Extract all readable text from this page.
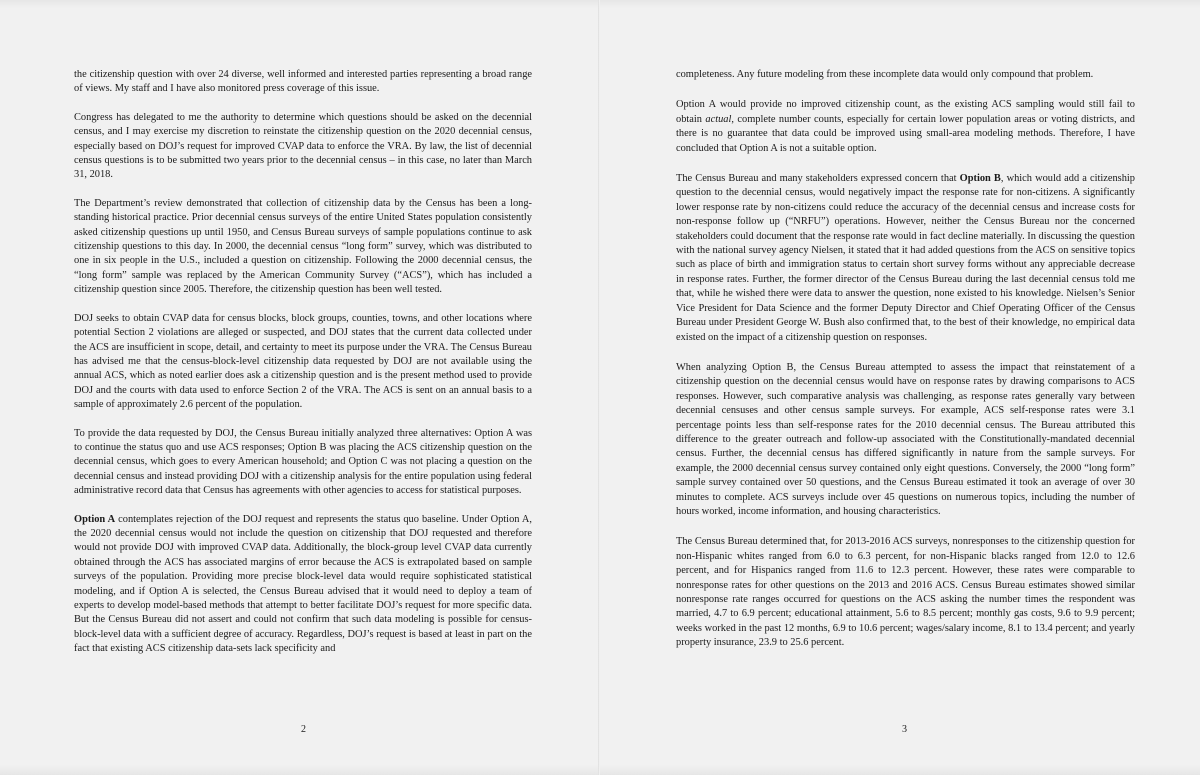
the citizenship question with over 24 diverse, well informed and interested parties representing a broad range of views. My staff and I have also monitored press coverage of this issue.

Congress has delegated to me the authority to determine which questions should be asked on the decennial census, and I may exercise my discretion to reinstate the citizenship question on the 2020 decennial census, especially based on DOJ’s request for improved CVAP data to enforce the VRA. By law, the list of decennial census questions is to be submitted two years prior to the decennial census – in this case, no later than March 31, 2018.

The Department’s review demonstrated that collection of citizenship data by the Census has been a long-standing historical practice. Prior decennial census surveys of the entire United States population consistently asked citizenship questions up until 1950, and Census Bureau surveys of sample populations continue to ask citizenship questions to this day. In 2000, the decennial census “long form” survey, which was distributed to one in six people in the U.S., included a question on citizenship. Following the 2000 decennial census, the “long form” sample was replaced by the American Community Survey (“ACS”), which has included a citizenship question since 2005. Therefore, the citizenship question has been well tested.

DOJ seeks to obtain CVAP data for census blocks, block groups, counties, towns, and other locations where potential Section 2 violations are alleged or suspected, and DOJ states that the current data collected under the ACS are insufficient in scope, detail, and certainty to meet its purpose under the VRA. The Census Bureau has advised me that the census-block-level citizenship data requested by DOJ are not available using the annual ACS, which as noted earlier does ask a citizenship question and is the present method used to provide DOJ and the courts with data used to enforce Section 2 of the VRA. The ACS is sent on an annual basis to a sample of approximately 2.6 percent of the population.

To provide the data requested by DOJ, the Census Bureau initially analyzed three alternatives: Option A was to continue the status quo and use ACS responses; Option B was placing the ACS citizenship question on the decennial census, which goes to every American household; and Option C was not placing a question on the decennial census and instead providing DOJ with a citizenship analysis for the entire population using federal administrative record data that Census has agreements with other agencies to access for statistical purposes.

Option A contemplates rejection of the DOJ request and represents the status quo baseline. Under Option A, the 2020 decennial census would not include the question on citizenship that DOJ requested and therefore would not provide DOJ with improved CVAP data. Additionally, the block-group level CVAP data currently obtained through the ACS has associated margins of error because the ACS is extrapolated based on sample surveys of the population. Providing more precise block-level data would require sophisticated statistical modeling, and if Option A is selected, the Census Bureau advised that it would need to deploy a team of experts to develop model-based methods that attempt to better facilitate DOJ’s request for more specific data. But the Census Bureau did not assert and could not confirm that such data modeling is possible for census-block-level data with a sufficient degree of accuracy. Regardless, DOJ’s request is based at least in part on the fact that existing ACS citizenship data-sets lack specificity and

2

completeness. Any future modeling from these incomplete data would only compound that problem.

Option A would provide no improved citizenship count, as the existing ACS sampling would still fail to obtain actual, complete number counts, especially for certain lower population areas or voting districts, and there is no guarantee that data could be improved using small-area modeling methods. Therefore, I have concluded that Option A is not a suitable option.

The Census Bureau and many stakeholders expressed concern that Option B, which would add a citizenship question to the decennial census, would negatively impact the response rate for non-citizens. A significantly lower response rate by non-citizens could reduce the accuracy of the decennial census and increase costs for non-response follow up (“NRFU”) operations. However, neither the Census Bureau nor the concerned stakeholders could document that the response rate would in fact decline materially. In discussing the question with the national survey agency Nielsen, it stated that it had added questions from the ACS on sensitive topics such as place of birth and immigration status to certain short survey forms without any appreciable decrease in response rates. Further, the former director of the Census Bureau during the last decennial census told me that, while he wished there were data to answer the question, none existed to his knowledge. Nielsen’s Senior Vice President for Data Science and the former Deputy Director and Chief Operating Officer of the Census Bureau under President George W. Bush also confirmed that, to the best of their knowledge, no empirical data existed on the impact of a citizenship question on responses.

When analyzing Option B, the Census Bureau attempted to assess the impact that reinstatement of a citizenship question on the decennial census would have on response rates by drawing comparisons to ACS responses. However, such comparative analysis was challenging, as response rates generally vary between decennial censuses and other census sample surveys. For example, ACS self-response rates were 3.1 percentage points less than self-response rates for the 2010 decennial census. The Bureau attributed this difference to the greater outreach and follow-up associated with the Constitutionally-mandated decennial census. Further, the decennial census has differed significantly in nature from the sample surveys. For example, the 2000 decennial census survey contained only eight questions. Conversely, the 2000 “long form” sample survey contained over 50 questions, and the Census Bureau estimated it took an average of over 30 minutes to complete. ACS surveys include over 45 questions on numerous topics, including the number of hours worked, income information, and housing characteristics.

The Census Bureau determined that, for 2013-2016 ACS surveys, nonresponses to the citizenship question for non-Hispanic whites ranged from 6.0 to 6.3 percent, for non-Hispanic blacks ranged from 12.0 to 12.6 percent, and for Hispanics ranged from 11.6 to 12.3 percent. However, these rates were comparable to nonresponse rates for other questions on the 2013 and 2016 ACS. Census Bureau estimates showed similar nonresponse rate ranges occurred for questions on the ACS asking the number times the respondent was married, 4.7 to 6.9 percent; educational attainment, 5.6 to 8.5 percent; monthly gas costs, 9.6 to 9.9 percent; weeks worked in the past 12 months, 6.9 to 10.6 percent; wages/salary income, 8.1 to 13.4 percent; and yearly property insurance, 23.9 to 25.6 percent.

3
